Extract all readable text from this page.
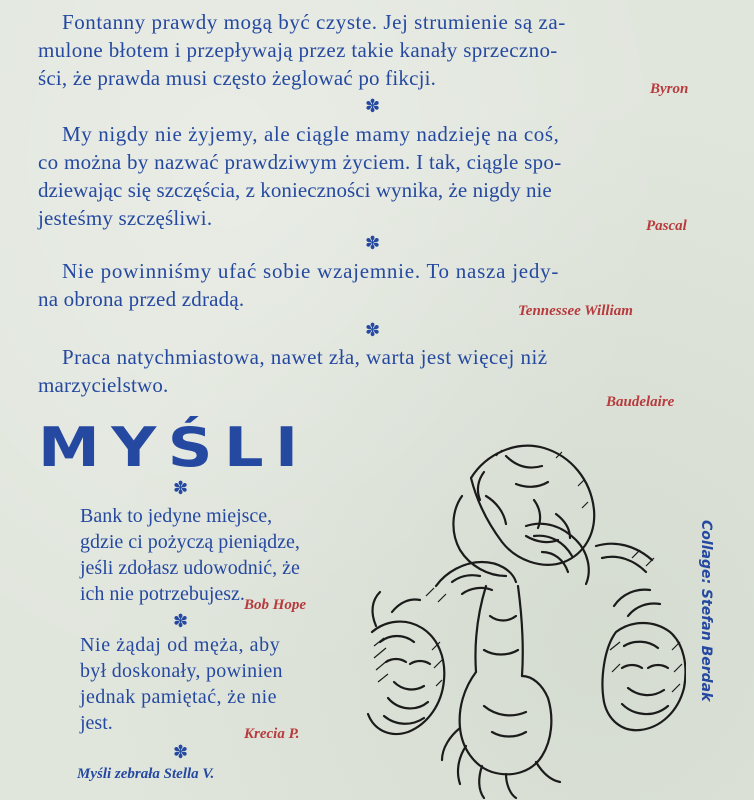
Fontanny prawdy mogą być czyste. Jej strumienie są za-
mulone błotem i przepływają przez takie kanały sprzeczno-
ści, że prawda musi często żeglować po fikcji.	Byron
✽
My nigdy nie żyjemy, ale ciągle mamy nadzieję na coś,
co można by nazwać prawdziwym życiem. I tak, ciągle spo-
dziewając się szczęścia, z konieczności wynika, że nigdy nie
jesteśmy szczęśliwi.	Pascal
✽
Nie powinniśmy ufać sobie wzajemnie. To nasza jedy-
na obrona przed zdradą.	Tennessee William
✽
Praca natychmiastowa, nawet zła, warta jest więcej niż
marzycielstwo.
Baudelaire
MYŚLI
✽
Bank to jedyne miejsce,
gdzie ci pożyczą pieniądze,
jeśli zdołasz udowodnić, że
ich nie potrzebujesz. Bob Hope
✽
Nie żądaj od męża, aby
był doskonały, powinien
jednak pamiętać, że nie
jest.	Krecia P.
✽
Myśli zebrała Stella V.
Collage: Stefan Berdak
